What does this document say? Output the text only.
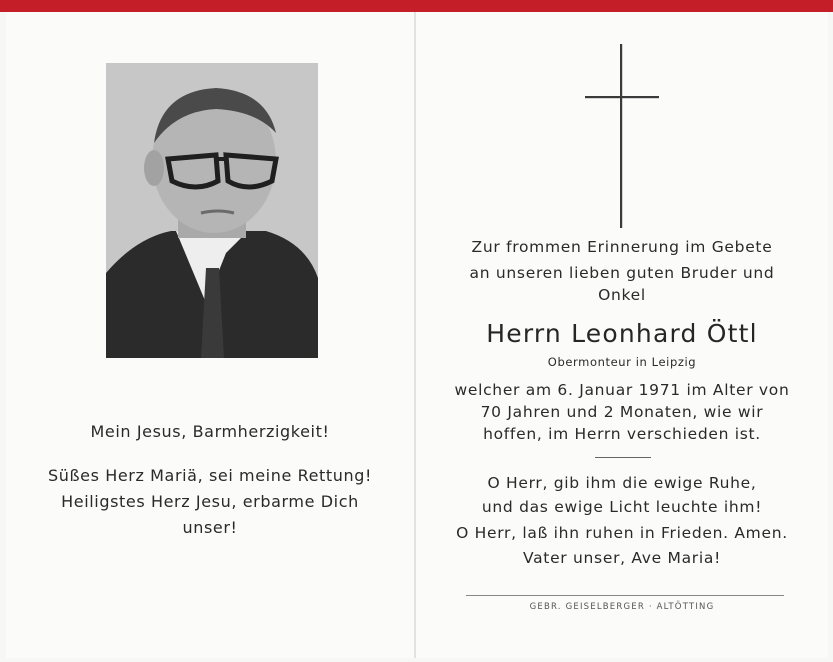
Mein Jesus, Barmherzigkeit!
Süßes Herz Mariä, sei meine Rettung!
Heiligstes Herz Jesu, erbarme Dich
unser!
Zur frommen Erinnerung im Gebete
an unseren lieben guten Bruder und
Onkel
Herrn Leonhard Öttl
Obermonteur in Leipzig
welcher am 6. Januar 1971 im Alter von
70 Jahren und 2 Monaten, wie wir
hoffen, im Herrn verschieden ist.
O Herr, gib ihm die ewige Ruhe,
und das ewige Licht leuchte ihm!
O Herr, laß ihn ruhen in Frieden. Amen.
Vater unser, Ave Maria!
GEBR. GEISELBERGER · ALTÖTTING
